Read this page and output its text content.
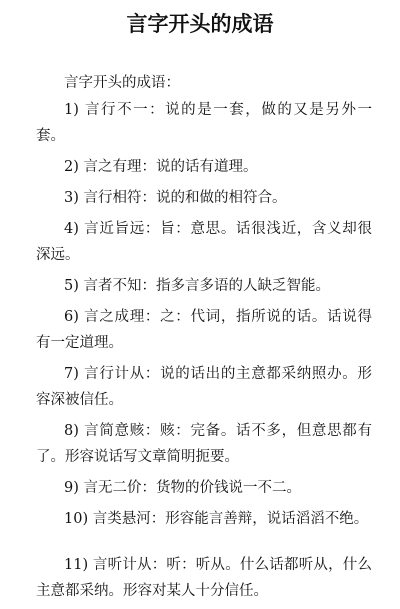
言字开头的成语

言字开头的成语：

1) 言行不一：说的是一套，做的又是另外一套。

2) 言之有理：说的话有道理。

3) 言行相符：说的和做的相符合。

4) 言近旨远：旨：意思。话很浅近，含义却很深远。

5) 言者不知：指多言多语的人缺乏智能。

6) 言之成理：之：代词，指所说的话。话说得有一定道理。

7) 言行计从：说的话出的主意都采纳照办。形容深被信任。

8) 言简意赅：赅：完备。话不多，但意思都有了。形容说话写文章简明扼要。

9) 言无二价：货物的价钱说一不二。

10) 言类悬河：形容能言善辩，说话滔滔不绝。

11) 言听计从：听：听从。什么话都听从，什么主意都采纳。形容对某人十分信任。
